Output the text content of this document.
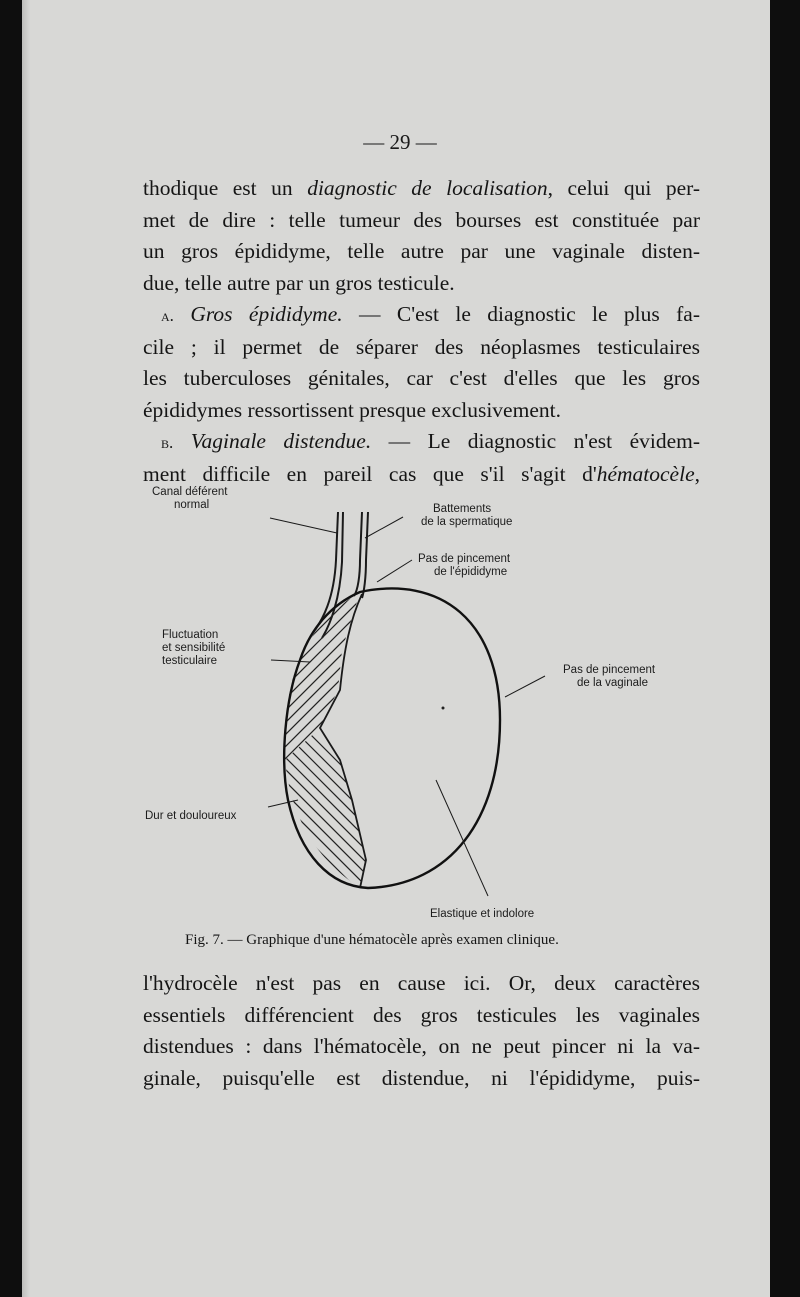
— 29 —
thodique est un diagnostic de localisation, celui qui per-
met de dire : telle tumeur des bourses est constituée par
un gros épididyme, telle autre par une vaginale disten-
due, telle autre par un gros testicule.
a. Gros épididyme. — C'est le diagnostic le plus fa-
cile ; il permet de séparer des néoplasmes testiculaires
les tuberculoses génitales, car c'est d'elles que les gros
épididymes ressortissent presque exclusivement.
b. Vaginale distendue. — Le diagnostic n'est évidem-
ment difficile en pareil cas que s'il s'agit d'hématocèle,
Canal déférent
normal	Battements
de la spermatique
Pas de pincement
de l'épididyme
Fluctuation
et sensibilité
testiculaire
Pas de pincement
de la vaginale
Dur et douloureux
Elastique et indolore
Fig. 7. — Graphique d'une hématocèle après examen clinique.
l'hydrocèle n'est pas en cause ici. Or, deux caractères
essentiels différencient des gros testicules les vaginales
distendues : dans l'hématocèle, on ne peut pincer ni la va-
ginale, puisqu'elle est distendue, ni l'épididyme, puis-
